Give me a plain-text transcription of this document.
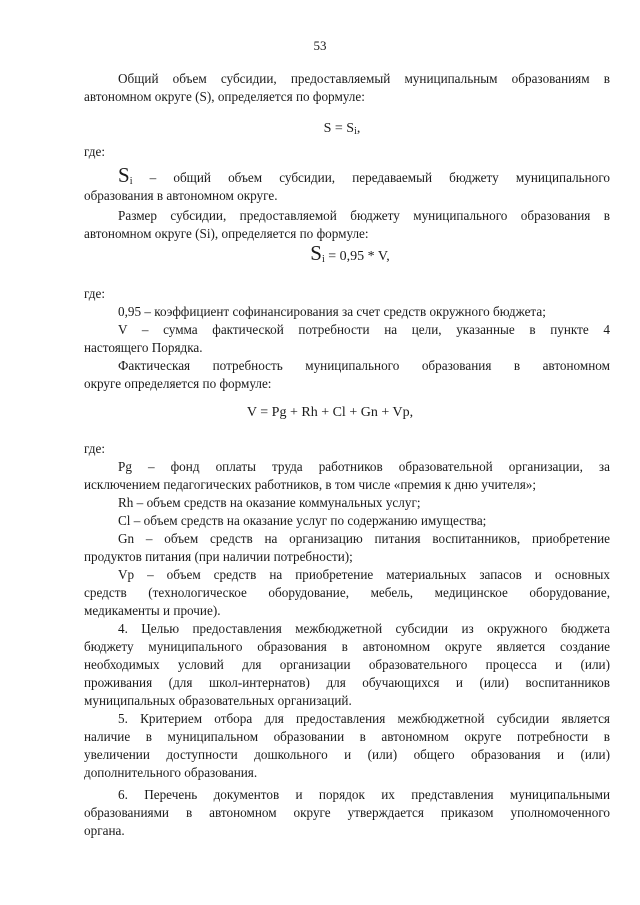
53

Общий объем субсидии, предоставляемый муниципальным образованиям в

автономном округе (S), определяется по формуле:

$S = S_i$,

где:

$S_i$ – общий объем субсидии, передаваемый бюджету муниципального

образования в автономном округе.

Размер субсидии, предоставляемой бюджету муниципального образования в

автономном округе (Si), определяется по формуле:

$S_i = 0,95 * V$,

где:

0,95 – коэффициент софинансирования за счет средств окружного бюджета;

V – сумма фактической потребности на цели, указанные в пункте 4

настоящего Порядка.

Фактическая потребность муниципального образования в автономном

округе определяется по формуле:

V = Pg + Rh + Cl + Gn + Vp,

где:

Pg – фонд оплаты труда работников образовательной организации, за

исключением педагогических работников, в том числе «премия к дню учителя»;

Rh – объем средств на оказание коммунальных услуг;

Cl – объем средств на оказание услуг по содержанию имущества;

Gn – объем средств на организацию питания воспитанников, приобретение

продуктов питания (при наличии потребности);

Vp – объем средств на приобретение материальных запасов и основных

средств (технологическое оборудование, мебель, медицинское оборудование,

медикаменты и прочие).

4. Целью предоставления межбюджетной субсидии из окружного бюджета

бюджету муниципального образования в автономном округе является создание

необходимых условий для организации образовательного процесса и (или)

проживания (для школ-интернатов) для обучающихся и (или) воспитанников

муниципальных образовательных организаций.

5. Критерием отбора для предоставления межбюджетной субсидии является

наличие в муниципальном образовании в автономном округе потребности в

увеличении доступности дошкольного и (или) общего образования и (или)

дополнительного образования.

6. Перечень документов и порядок их представления муниципальными

образованиями в автономном округе утверждается приказом уполномоченного

органа.
